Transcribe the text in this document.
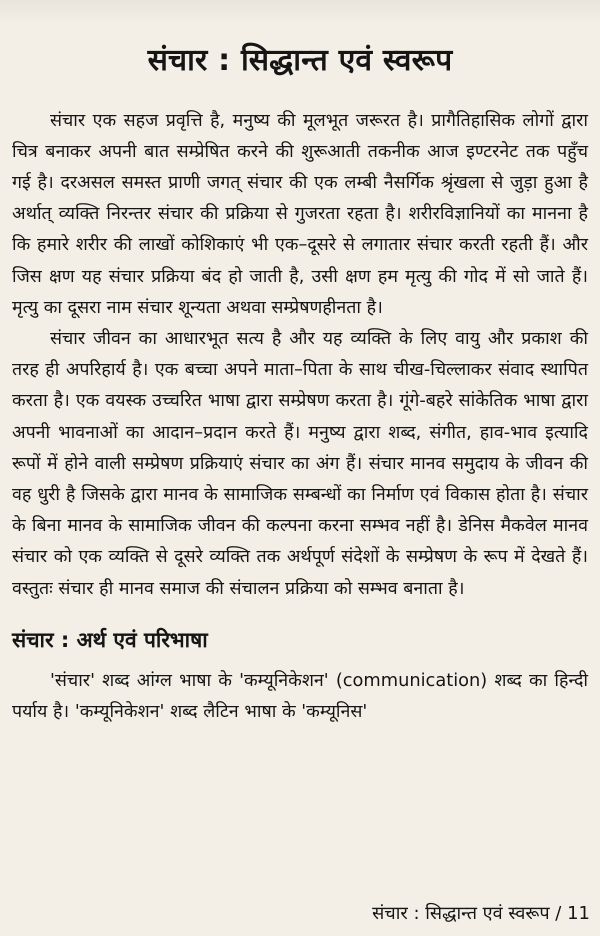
संचार : सिद्धान्त एवं स्वरूप

संचार एक सहज प्रवृत्ति है, मनुष्य की मूलभूत जरूरत है। प्रागैतिहासिक लोगों द्वारा चित्र बनाकर अपनी बात सम्प्रेषित करने की शुरूआती तकनीक आज इण्टरनेट तक पहुँच गई है। दरअसल समस्त प्राणी जगत् संचार की एक लम्बी नैसर्गिक श्रृंखला से जुड़ा हुआ है अर्थात् व्यक्ति निरन्तर संचार की प्रक्रिया से गुजरता रहता है। शरीरविज्ञानियों का मानना है कि हमारे शरीर की लाखों कोशिकाएं भी एक–दूसरे से लगातार संचार करती रहती हैं। और जिस क्षण यह संचार प्रक्रिया बंद हो जाती है, उसी क्षण हम मृत्यु की गोद में सो जाते हैं। मृत्यु का दूसरा नाम संचार शून्यता अथवा सम्प्रेषणहीनता है।

संचार जीवन का आधारभूत सत्य है और यह व्यक्ति के लिए वायु और प्रकाश की तरह ही अपरिहार्य है। एक बच्चा अपने माता–पिता के साथ चीख-चिल्लाकर संवाद स्थापित करता है। एक वयस्क उच्चरित भाषा द्वारा सम्प्रेषण करता है। गूंगे-बहरे सांकेतिक भाषा द्वारा अपनी भावनाओं का आदान–प्रदान करते हैं। मनुष्य द्वारा शब्द, संगीत, हाव-भाव इत्यादि रूपों में होने वाली सम्प्रेषण प्रक्रियाएं संचार का अंग हैं। संचार मानव समुदाय के जीवन की वह धुरी है जिसके द्वारा मानव के सामाजिक सम्बन्धों का निर्माण एवं विकास होता है। संचार के बिना मानव के सामाजिक जीवन की कल्पना करना सम्भव नहीं है। डेनिस मैकवेल मानव संचार को एक व्यक्ति से दूसरे व्यक्ति तक अर्थपूर्ण संदेशों के सम्प्रेषण के रूप में देखते हैं। वस्तुतः संचार ही मानव समाज की संचालन प्रक्रिया को सम्भव बनाता है।

संचार : अर्थ एवं परिभाषा

'संचार' शब्द आंग्ल भाषा के 'कम्यूनिकेशन' (communication) शब्द का हिन्दी पर्याय है। 'कम्यूनिकेशन' शब्द लैटिन भाषा के 'कम्यूनिस'

संचार : सिद्धान्त एवं स्वरूप / 11
